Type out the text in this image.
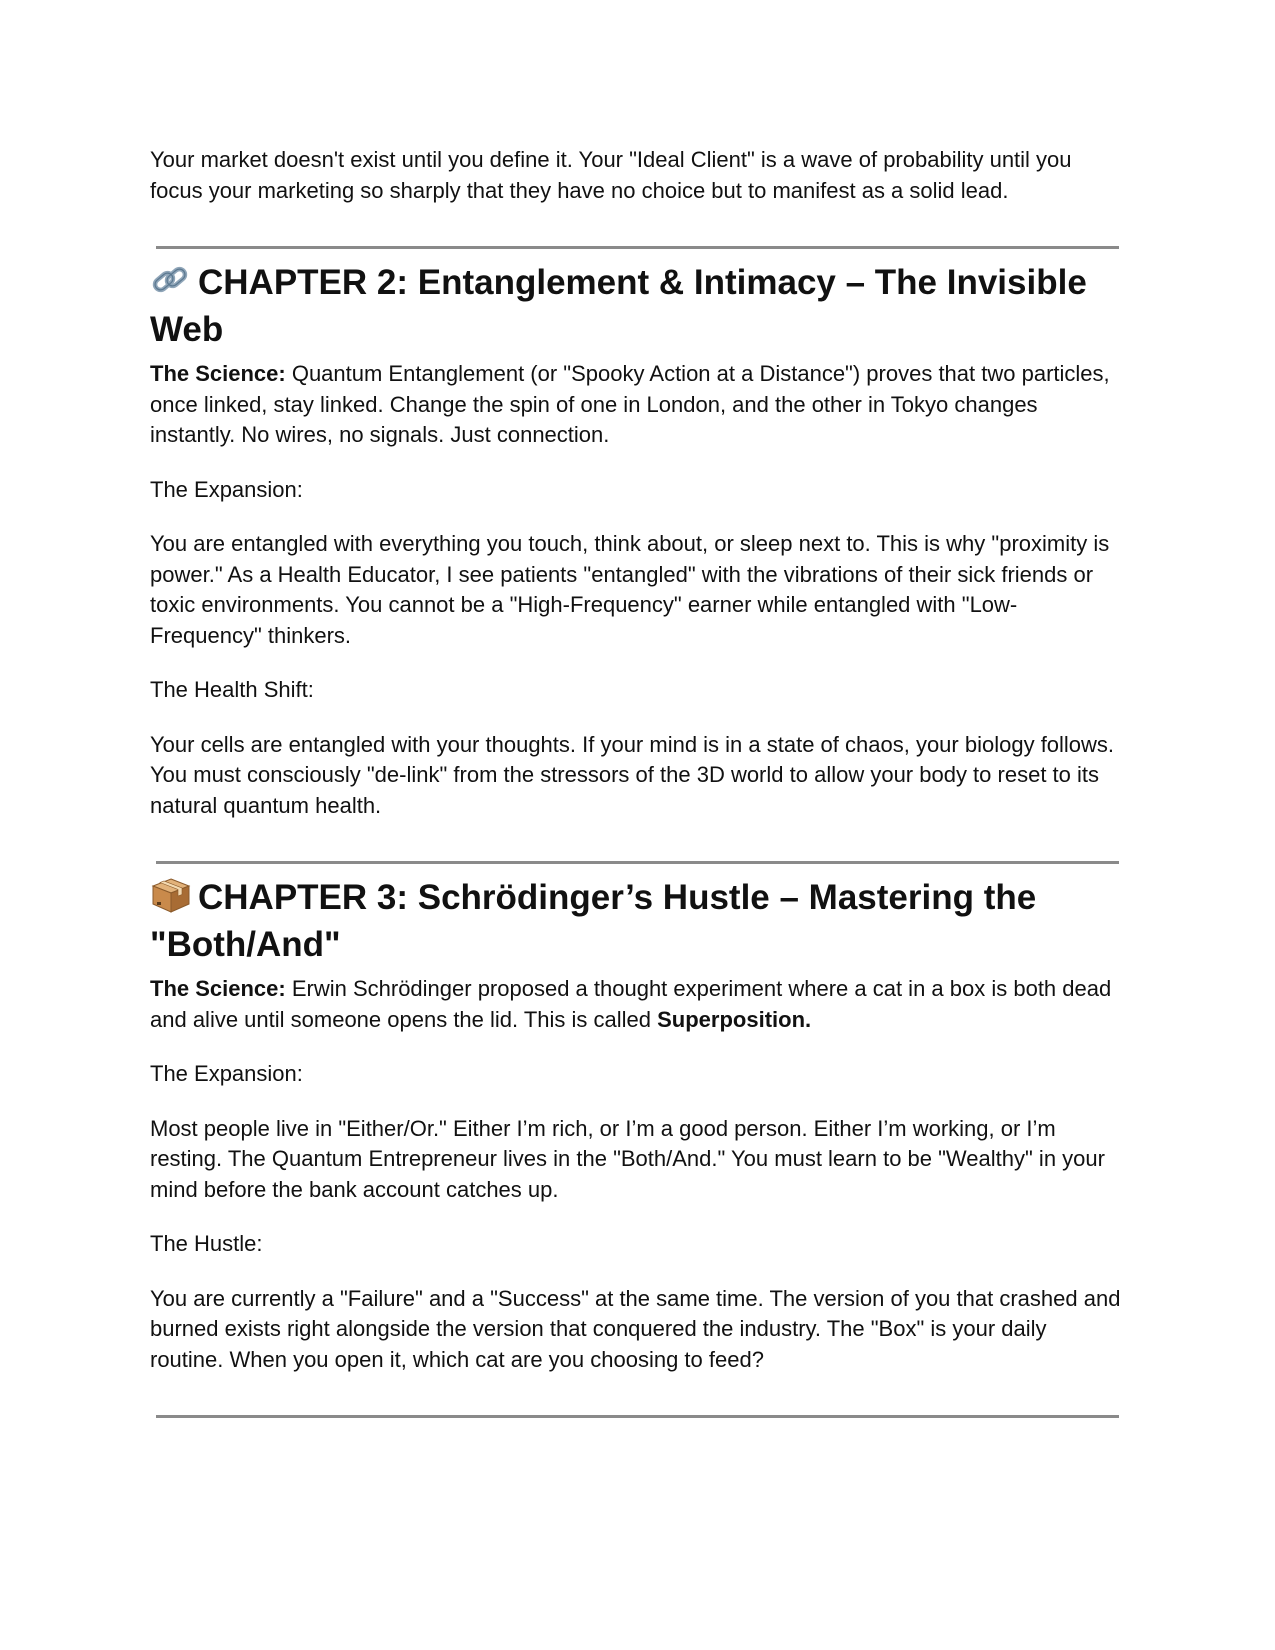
Your market doesn't exist until you define it. Your "Ideal Client" is a wave of probability until you focus your marketing so sharply that they have no choice but to manifest as a solid lead.

CHAPTER 2: Entanglement & Intimacy – The Invisible Web

The Science: Quantum Entanglement (or "Spooky Action at a Distance") proves that two particles, once linked, stay linked. Change the spin of one in London, and the other in Tokyo changes instantly. No wires, no signals. Just connection.

The Expansion:

You are entangled with everything you touch, think about, or sleep next to. This is why "proximity is power." As a Health Educator, I see patients "entangled" with the vibrations of their sick friends or toxic environments. You cannot be a "High-Frequency" earner while entangled with "Low-Frequency" thinkers.

The Health Shift:

Your cells are entangled with your thoughts. If your mind is in a state of chaos, your biology follows. You must consciously "de-link" from the stressors of the 3D world to allow your body to reset to its natural quantum health.

CHAPTER 3: Schrödinger’s Hustle – Mastering the "Both/And"

The Science: Erwin Schrödinger proposed a thought experiment where a cat in a box is both dead and alive until someone opens the lid. This is called Superposition.

The Expansion:

Most people live in "Either/Or." Either I’m rich, or I’m a good person. Either I’m working, or I’m resting. The Quantum Entrepreneur lives in the "Both/And." You must learn to be "Wealthy" in your mind before the bank account catches up.

The Hustle:

You are currently a "Failure" and a "Success" at the same time. The version of you that crashed and burned exists right alongside the version that conquered the industry. The "Box" is your daily routine. When you open it, which cat are you choosing to feed?
